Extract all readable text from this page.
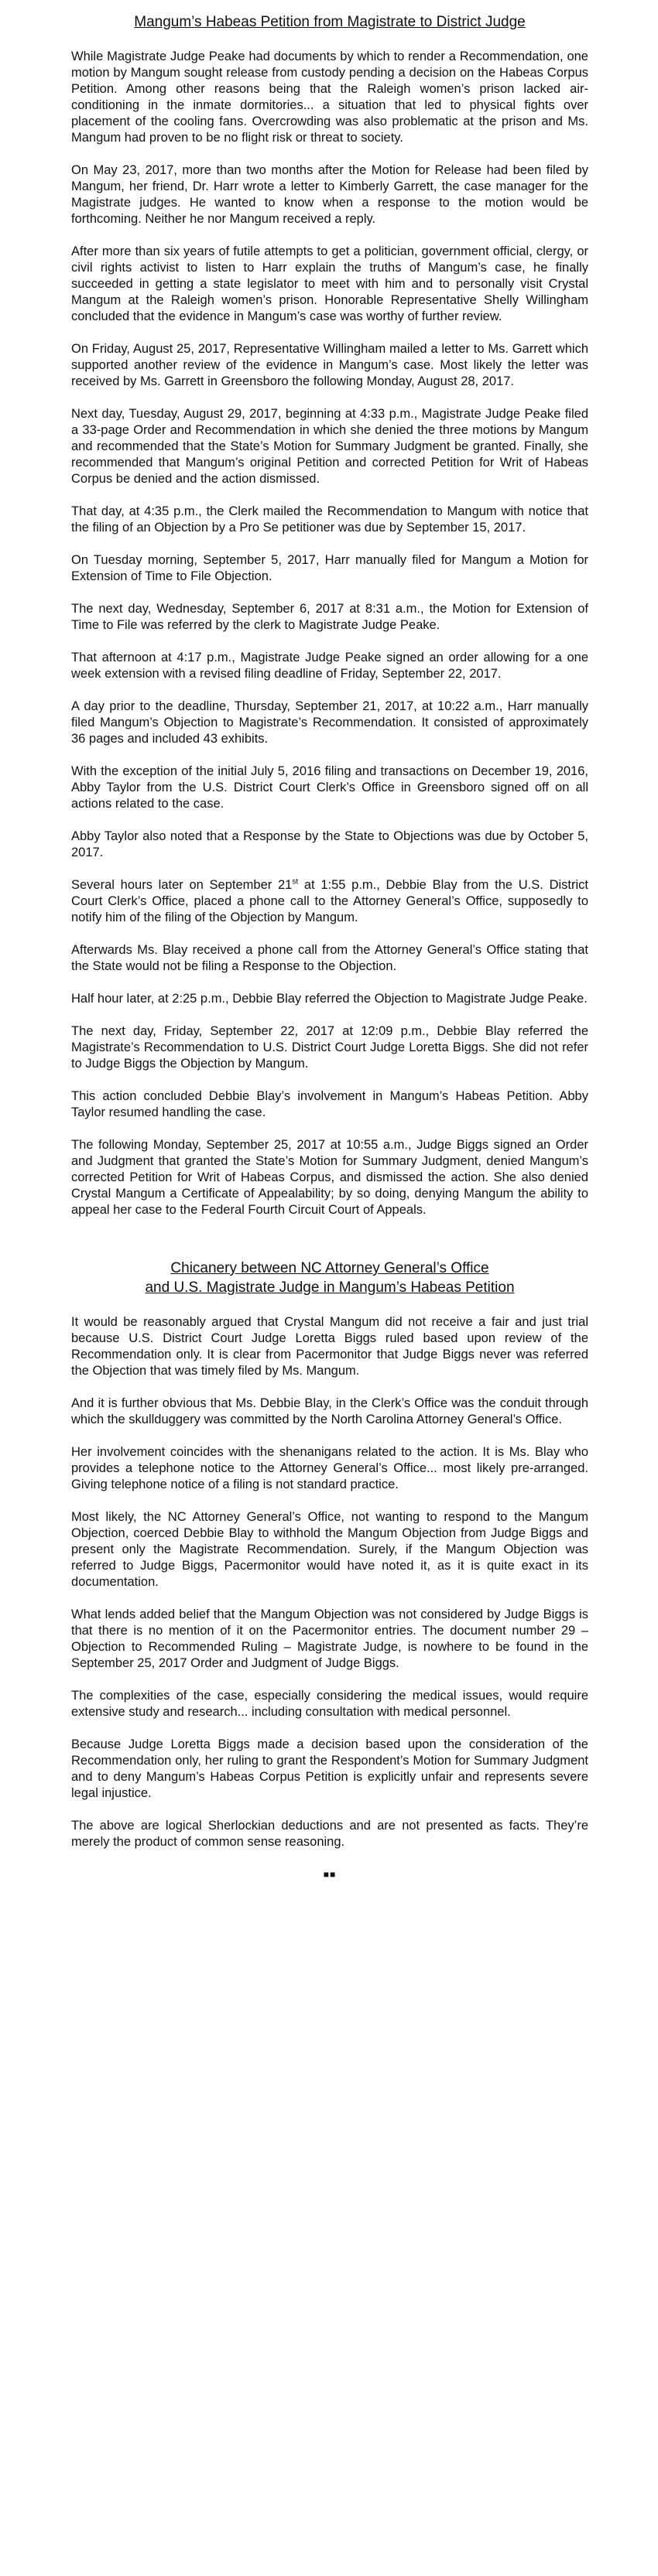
Mangum’s Habeas Petition from Magistrate to District Judge

While Magistrate Judge Peake had documents by which to render a Recommendation, one motion by Mangum sought release from custody pending a decision on the Habeas Corpus Petition. Among other reasons being that the Raleigh women’s prison lacked air-conditioning in the inmate dormitories... a situation that led to physical fights over placement of the cooling fans. Overcrowding was also problematic at the prison and Ms. Mangum had proven to be no flight risk or threat to society.

On May 23, 2017, more than two months after the Motion for Release had been filed by Mangum, her friend, Dr. Harr wrote a letter to Kimberly Garrett, the case manager for the Magistrate judges. He wanted to know when a response to the motion would be forthcoming. Neither he nor Mangum received a reply.

After more than six years of futile attempts to get a politician, government official, clergy, or civil rights activist to listen to Harr explain the truths of Mangum’s case, he finally succeeded in getting a state legislator to meet with him and to personally visit Crystal Mangum at the Raleigh women’s prison. Honorable Representative Shelly Willingham concluded that the evidence in Mangum’s case was worthy of further review.

On Friday, August 25, 2017, Representative Willingham mailed a letter to Ms. Garrett which supported another review of the evidence in Mangum’s case. Most likely the letter was received by Ms. Garrett in Greensboro the following Monday, August 28, 2017.

Next day, Tuesday, August 29, 2017, beginning at 4:33 p.m., Magistrate Judge Peake filed a 33-page Order and Recommendation in which she denied the three motions by Mangum and recommended that the State’s Motion for Summary Judgment be granted. Finally, she recommended that Mangum’s original Petition and corrected Petition for Writ of Habeas Corpus be denied and the action dismissed.

That day, at 4:35 p.m., the Clerk mailed the Recommendation to Mangum with notice that the filing of an Objection by a Pro Se petitioner was due by September 15, 2017.

On Tuesday morning, September 5, 2017, Harr manually filed for Mangum a Motion for Extension of Time to File Objection.

The next day, Wednesday, September 6, 2017 at 8:31 a.m., the Motion for Extension of Time to File was referred by the clerk to Magistrate Judge Peake.

That afternoon at 4:17 p.m., Magistrate Judge Peake signed an order allowing for a one week extension with a revised filing deadline of Friday, September 22, 2017.

A day prior to the deadline, Thursday, September 21, 2017, at 10:22 a.m., Harr manually filed Mangum’s Objection to Magistrate’s Recommendation. It consisted of approximately 36 pages and included 43 exhibits.

With the exception of the initial July 5, 2016 filing and transactions on December 19, 2016, Abby Taylor from the U.S. District Court Clerk’s Office in Greensboro signed off on all actions related to the case.

Abby Taylor also noted that a Response by the State to Objections was due by October 5, 2017.

Several hours later on September 21st at 1:55 p.m., Debbie Blay from the U.S. District Court Clerk’s Office, placed a phone call to the Attorney General’s Office, supposedly to notify him of the filing of the Objection by Mangum.

Afterwards Ms. Blay received a phone call from the Attorney General’s Office stating that the State would not be filing a Response to the Objection.

Half hour later, at 2:25 p.m., Debbie Blay referred the Objection to Magistrate Judge Peake.

The next day, Friday, September 22, 2017 at 12:09 p.m., Debbie Blay referred the Magistrate’s Recommendation to U.S. District Court Judge Loretta Biggs. She did not refer to Judge Biggs the Objection by Mangum.

This action concluded Debbie Blay’s involvement in Mangum’s Habeas Petition. Abby Taylor resumed handling the case.

The following Monday, September 25, 2017 at 10:55 a.m., Judge Biggs signed an Order and Judgment that granted the State’s Motion for Summary Judgment, denied Mangum’s corrected Petition for Writ of Habeas Corpus, and dismissed the action. She also denied Crystal Mangum a Certificate of Appealability; by so doing, denying Mangum the ability to appeal her case to the Federal Fourth Circuit Court of Appeals.

Chicanery between NC Attorney General’s Office
and U.S. Magistrate Judge in Mangum’s Habeas Petition

It would be reasonably argued that Crystal Mangum did not receive a fair and just trial because U.S. District Court Judge Loretta Biggs ruled based upon review of the Recommendation only. It is clear from Pacermonitor that Judge Biggs never was referred the Objection that was timely filed by Ms. Mangum.

And it is further obvious that Ms. Debbie Blay, in the Clerk’s Office was the conduit through which the skullduggery was committed by the North Carolina Attorney General’s Office.

Her involvement coincides with the shenanigans related to the action. It is Ms. Blay who provides a telephone notice to the Attorney General’s Office... most likely pre-arranged. Giving telephone notice of a filing is not standard practice.

Most likely, the NC Attorney General’s Office, not wanting to respond to the Mangum Objection, coerced Debbie Blay to withhold the Mangum Objection from Judge Biggs and present only the Magistrate Recommendation. Surely, if the Mangum Objection was referred to Judge Biggs, Pacermonitor would have noted it, as it is quite exact in its documentation.

What lends added belief that the Mangum Objection was not considered by Judge Biggs is that there is no mention of it on the Pacermonitor entries. The document number 29 – Objection to Recommended Ruling – Magistrate Judge, is nowhere to be found in the September 25, 2017 Order and Judgment of Judge Biggs.

The complexities of the case, especially considering the medical issues, would require extensive study and research... including consultation with medical personnel.

Because Judge Loretta Biggs made a decision based upon the consideration of the Recommendation only, her ruling to grant the Respondent’s Motion for Summary Judgment and to deny Mangum’s Habeas Corpus Petition is explicitly unfair and represents severe legal injustice.

The above are logical Sherlockian deductions and are not presented as facts. They’re merely the product of common sense reasoning.

■■
